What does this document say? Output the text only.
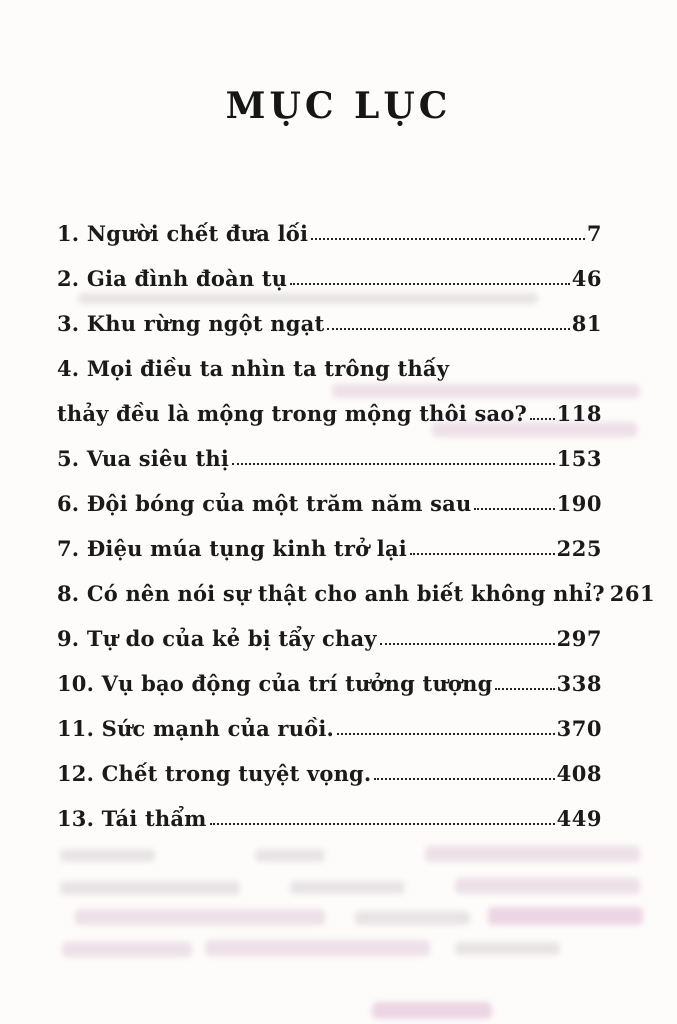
MỤC LỤC
1. Người chết đưa lối	7
2. Gia đình đoàn tụ	46
3. Khu rừng ngột ngạt	81
4. Mọi điều ta nhìn ta trông thấy
thảy đều là mộng trong mộng thôi sao? 118
5. Vua siêu thị	153
6. Đội bóng của một trăm năm sau	190
7. Điệu múa tụng kinh trở lại	225
8. Có nên nói sự thật cho anh biết không nhỉ? 261
9. Tự do của kẻ bị tẩy chay	297
10. Vụ bạo động của trí tưởng tượng	338
11. Sức mạnh của ruồi.	370
12. Chết trong tuyệt vọng.	408
13. Tái thẩm	449
